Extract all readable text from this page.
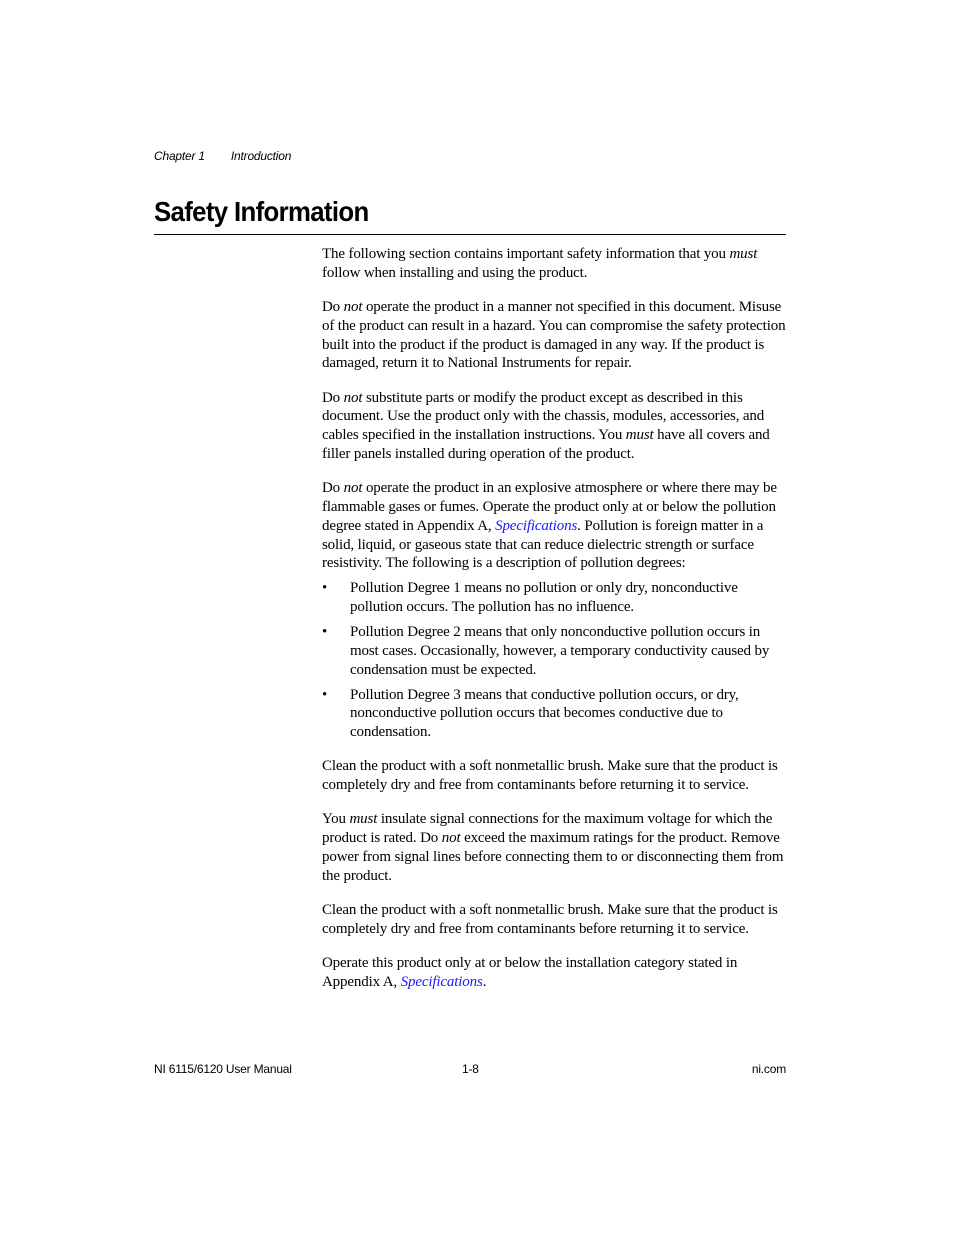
Chapter 1 Introduction
Safety Information

The following section contains important safety information that you must follow when installing and using the product.

Do not operate the product in a manner not specified in this document. Misuse of the product can result in a hazard. You can compromise the safety protection built into the product if the product is damaged in any way. If the product is damaged, return it to National Instruments for repair.

Do not substitute parts or modify the product except as described in this document. Use the product only with the chassis, modules, accessories, and cables specified in the installation instructions. You must have all covers and filler panels installed during operation of the product.

Do not operate the product in an explosive atmosphere or where there may be flammable gases or fumes. Operate the product only at or below the pollution degree stated in Appendix A, Specifications. Pollution is foreign matter in a solid, liquid, or gaseous state that can reduce dielectric strength or surface resistivity. The following is a description of pollution degrees:

• Pollution Degree 1 means no pollution or only dry, nonconductive pollution occurs. The pollution has no influence.
• Pollution Degree 2 means that only nonconductive pollution occurs in most cases. Occasionally, however, a temporary conductivity caused by condensation must be expected.
• Pollution Degree 3 means that conductive pollution occurs, or dry, nonconductive pollution occurs that becomes conductive due to condensation.

Clean the product with a soft nonmetallic brush. Make sure that the product is completely dry and free from contaminants before returning it to service.

You must insulate signal connections for the maximum voltage for which the product is rated. Do not exceed the maximum ratings for the product. Remove power from signal lines before connecting them to or disconnecting them from the product.

Clean the product with a soft nonmetallic brush. Make sure that the product is completely dry and free from contaminants before returning it to service.

Operate this product only at or below the installation category stated in Appendix A, Specifications.

NI 6115/6120 User Manual	1-8	ni.com
